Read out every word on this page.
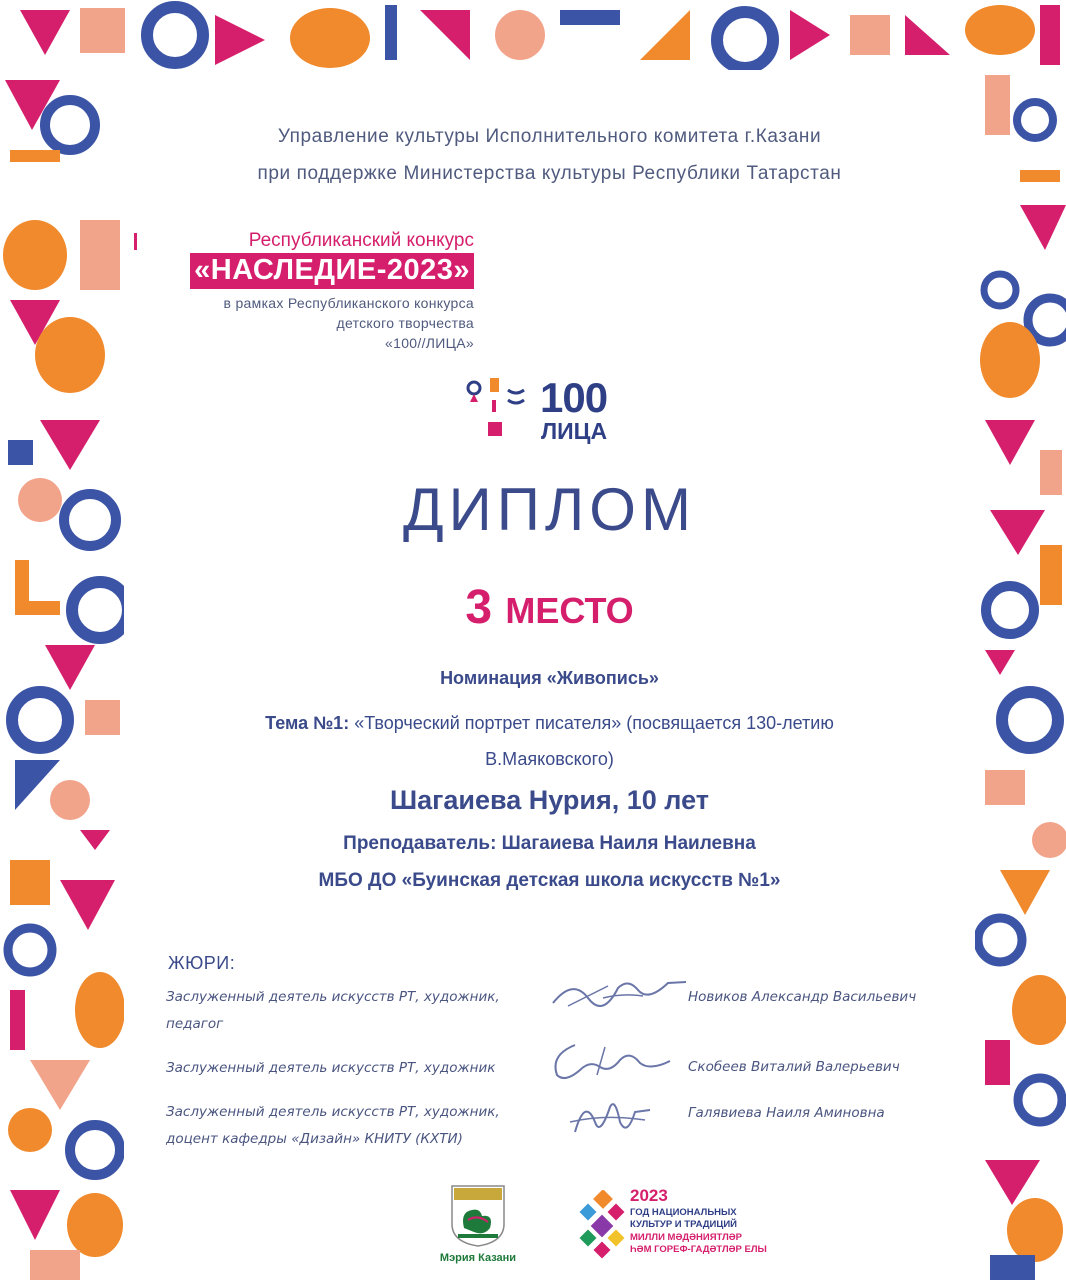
Управление культуры Исполнительного комитета г.Казани
при поддержке Министерства культуры Республики Татарстан
Республиканский конкурс
«НАСЛЕДИЕ-2023»
в рамках Республиканского конкурса
детского творчества
«100//ЛИЦА»
100
ЛИЦА
ДИПЛОМ
3 МЕСТО
Номинация «Живопись»
Тема №1: «Творческий портрет писателя» (посвящается 130-летию
В.Маяковского)
Шагаиева Нурия, 10 лет
Преподаватель: Шагаиева Наиля Наилевна
МБО ДО «Буинская детская школа искусств №1»
ЖЮРИ:
Заслуженный деятель искусств РТ, художник,
педагог
Новиков Александр Васильевич
Заслуженный деятель искусств РТ, художник	Скобеев Виталий Валерьевич
Заслуженный деятель искусств РТ, художник,
доцент кафедры «Дизайн» КНИТУ (КХТИ)
Галявиева Наиля Аминовна
Мэрия Казани
2023
ГОД НАЦИОНАЛЬНЫХ
КУЛЬТУР И ТРАДИЦИЙ
МИЛЛИ МӘДӘНИЯТЛӘР
ҺӘМ ГОРЕФ-ГАДӘТЛӘР ЕЛЫ
